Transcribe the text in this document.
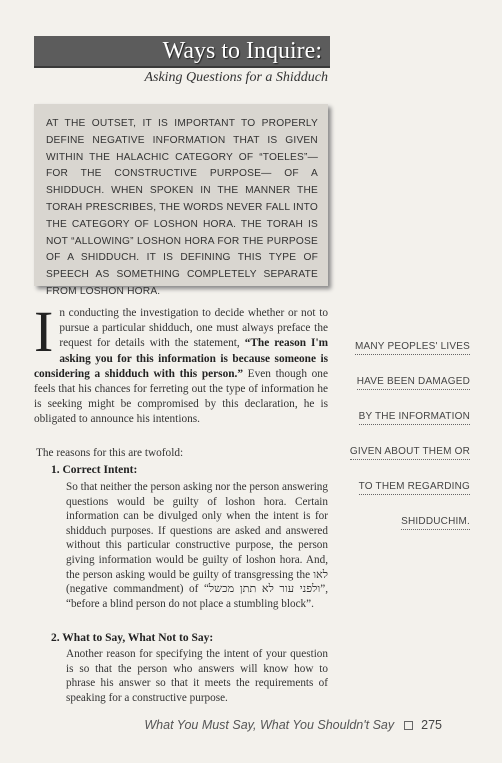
Ways to Inquire:
Asking Questions for a Shidduch

AT THE OUTSET, IT IS IMPORTANT TO PROPERLY DEFINE NEGATIVE INFORMATION THAT IS GIVEN WITHIN THE HALACHIC CATEGORY OF “TOELES”— FOR THE CONSTRUCTIVE PURPOSE— OF A SHIDDUCH. WHEN SPOKEN IN THE MANNER THE TORAH PRESCRIBES, THE WORDS NEVER FALL INTO THE CATEGORY OF LOSHON HORA. THE TORAH IS NOT “ALLOWING” LOSHON HORA FOR THE PURPOSE OF A SHIDDUCH. IT IS DEFINING THIS TYPE OF SPEECH AS SOMETHING COMPLETELY SEPARATE FROM LOSHON HORA.

In conducting the investigation to decide whether or not to pursue a particular shidduch, one must always preface the request for details with the statement, “The reason I'm asking you for this information is because someone is considering a shidduch with this person.” Even though one feels that his chances for ferreting out the type of information he is seeking might be compromised by this declaration, he is obligated to announce his intentions.
The reasons for this are twofold:
1. Correct Intent:
So that neither the person asking nor the person answering questions would be guilty of loshon hora. Certain information can be divulged only when the intent is for shidduch purposes. If questions are asked and answered without this particular constructive purpose, the person giving information would be guilty of loshon hora. And, the person asking would be guilty of transgressing the לאו (negative commandment) of “ולפני עור לא תתן מכשל”, “before a blind person do not place a stumbling block”.
2. What to Say, What Not to Say:
Another reason for specifying the intent of your question is so that the person who answers will know how to phrase his answer so that it meets the requirements of speaking for a constructive purpose.
MANY PEOPLES' LIVES
HAVE BEEN DAMAGED
BY THE INFORMATION
GIVEN ABOUT THEM OR
TO THEM REGARDING
SHIDDUCHIM.
What You Must Say, What You Shouldn't Say 275
